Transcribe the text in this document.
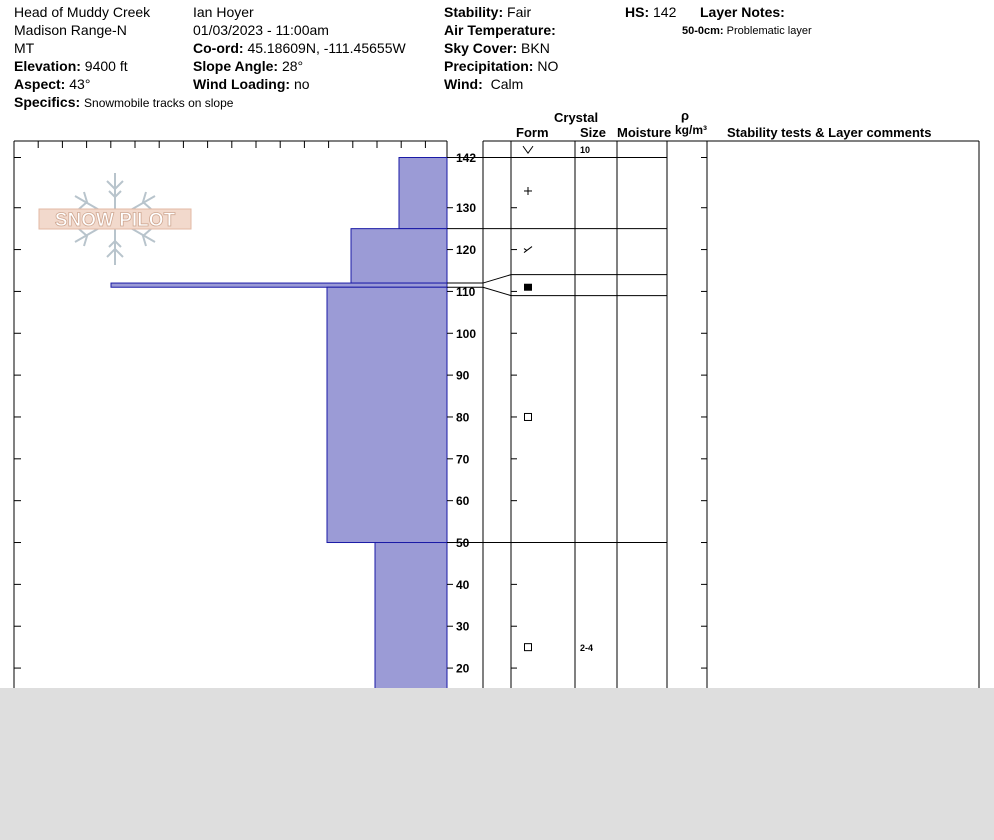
Head of Muddy Creek
Madison Range-N
MT
Elevation: 9400 ft
Aspect: 43°
Specifics: Snowmobile tracks on slope
Ian Hoyer
01/03/2023 - 11:00am
Co-ord: 45.18609N, -111.45655W
Slope Angle: 28°
Wind Loading: no
Stability: Fair
Air Temperature:
Sky Cover: BKN
Precipitation: NO
Wind: Calm
HS: 142 Layer Notes:
50-0cm: Problematic layer
Crystal
Form Size Moisture
ρ
kg/m³ Stability tests & Layer comments
SNOW PILOT
142
130
120
110
100
90
80
70
60
50
40
30
20
10
2-4
